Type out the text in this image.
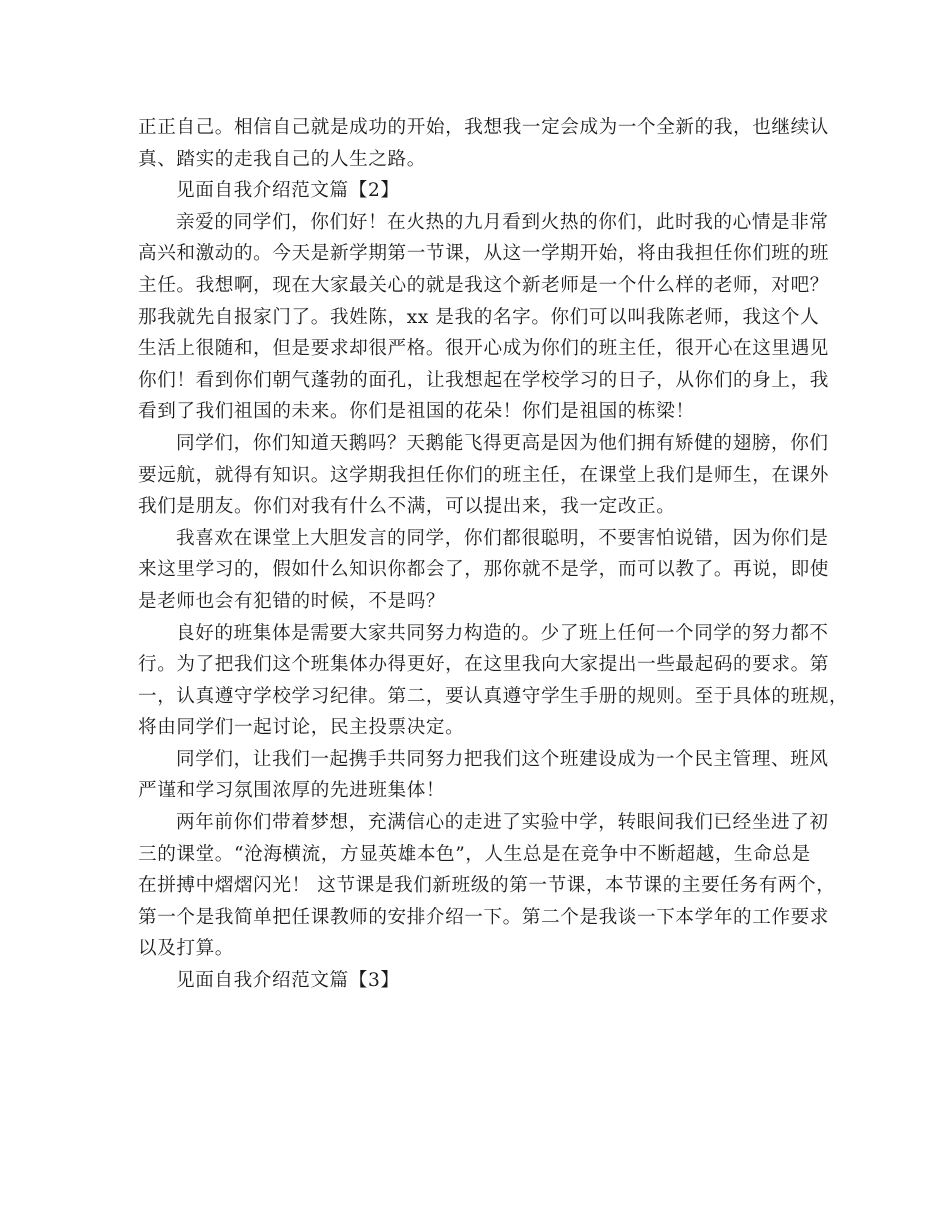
正正自己。相信自己就是成功的开始，我想我一定会成为一个全新的我，也继续认
真、踏实的走我自己的人生之路。
见面自我介绍范文篇【2】
亲爱的同学们，你们好！在火热的九月看到火热的你们，此时我的心情是非常
高兴和激动的。今天是新学期第一节课，从这一学期开始，将由我担任你们班的班
主任。我想啊，现在大家最关心的就是我这个新老师是一个什么样的老师，对吧？
那我就先自报家门了。我姓陈，xx 是我的名字。你们可以叫我陈老师，我这个人
生活上很随和，但是要求却很严格。很开心成为你们的班主任，很开心在这里遇见
你们！看到你们朝气蓬勃的面孔，让我想起在学校学习的日子，从你们的身上，我
看到了我们祖国的未来。你们是祖国的花朵！你们是祖国的栋梁！
同学们，你们知道天鹅吗？天鹅能飞得更高是因为他们拥有矫健的翅膀，你们
要远航，就得有知识。这学期我担任你们的班主任，在课堂上我们是师生，在课外
我们是朋友。你们对我有什么不满，可以提出来，我一定改正。
我喜欢在课堂上大胆发言的同学，你们都很聪明，不要害怕说错，因为你们是
来这里学习的，假如什么知识你都会了，那你就不是学，而可以教了。再说，即使
是老师也会有犯错的时候，不是吗？
良好的班集体是需要大家共同努力构造的。少了班上任何一个同学的努力都不
行。为了把我们这个班集体办得更好，在这里我向大家提出一些最起码的要求。第
一，认真遵守学校学习纪律。第二，要认真遵守学生手册的规则。至于具体的班规，
将由同学们一起讨论，民主投票决定。
同学们，让我们一起携手共同努力把我们这个班建设成为一个民主管理、班风
严谨和学习氛围浓厚的先进班集体！
两年前你们带着梦想，充满信心的走进了实验中学，转眼间我们已经坐进了初
三的课堂。“沧海横流，方显英雄本色”，人生总是在竞争中不断超越，生命总是
在拼搏中熠熠闪光！ 这节课是我们新班级的第一节课，本节课的主要任务有两个，
第一个是我简单把任课教师的安排介绍一下。第二个是我谈一下本学年的工作要求
以及打算。
见面自我介绍范文篇【3】
